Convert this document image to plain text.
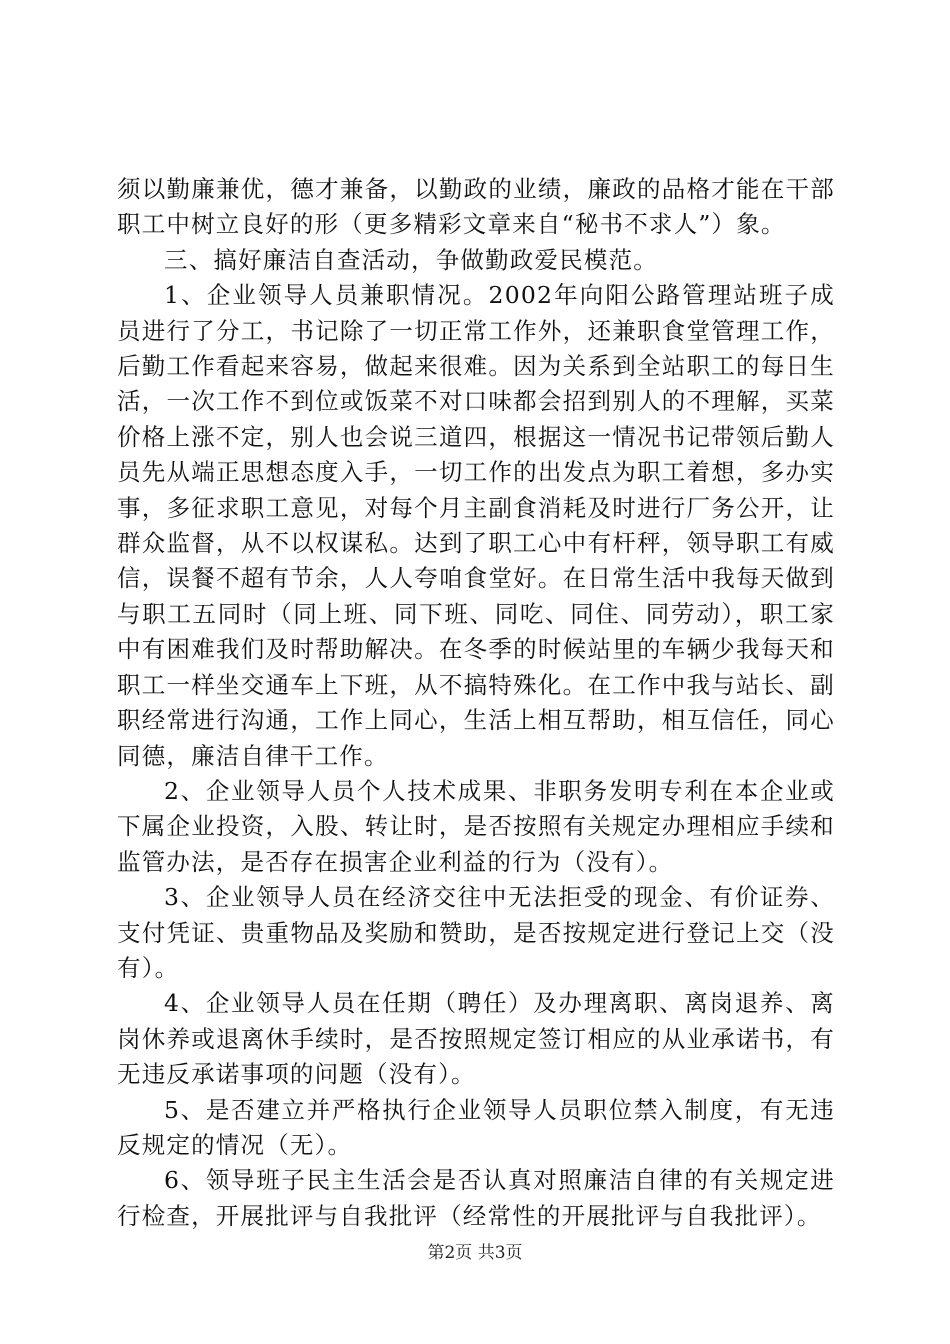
须以勤廉兼优，德才兼备，以勤政的业绩，廉政的品格才能在干部职工中树立良好的形（更多精彩文章来自“秘书不求人”）象。

三、搞好廉洁自查活动，争做勤政爱民模范。

1、企业领导人员兼职情况。2002年向阳公路管理站班子成员进行了分工，书记除了一切正常工作外，还兼职食堂管理工作，后勤工作看起来容易，做起来很难。因为关系到全站职工的每日生活，一次工作不到位或饭菜不对口味都会招到别人的不理解，买菜价格上涨不定，别人也会说三道四，根据这一情况书记带领后勤人员先从端正思想态度入手，一切工作的出发点为职工着想，多办实事，多征求职工意见，对每个月主副食消耗及时进行厂务公开，让群众监督，从不以权谋私。达到了职工心中有杆秤，领导职工有威信，误餐不超有节余，人人夸咱食堂好。在日常生活中我每天做到与职工五同时（同上班、同下班、同吃、同住、同劳动），职工家中有困难我们及时帮助解决。在冬季的时候站里的车辆少我每天和职工一样坐交通车上下班，从不搞特殊化。在工作中我与站长、副职经常进行沟通，工作上同心，生活上相互帮助，相互信任，同心同德，廉洁自律干工作。

2、企业领导人员个人技术成果、非职务发明专利在本企业或下属企业投资，入股、转让时，是否按照有关规定办理相应手续和监管办法，是否存在损害企业利益的行为（没有）。

3、企业领导人员在经济交往中无法拒受的现金、有价证券、支付凭证、贵重物品及奖励和赞助，是否按规定进行登记上交（没有）。

4、企业领导人员在任期（聘任）及办理离职、离岗退养、离岗休养或退离休手续时，是否按照规定签订相应的从业承诺书，有无违反承诺事项的问题（没有）。

5、是否建立并严格执行企业领导人员职位禁入制度，有无违反规定的情况（无）。

6、领导班子民主生活会是否认真对照廉洁自律的有关规定进行检查，开展批评与自我批评（经常性的开展批评与自我批评）。

第2页 共3页
